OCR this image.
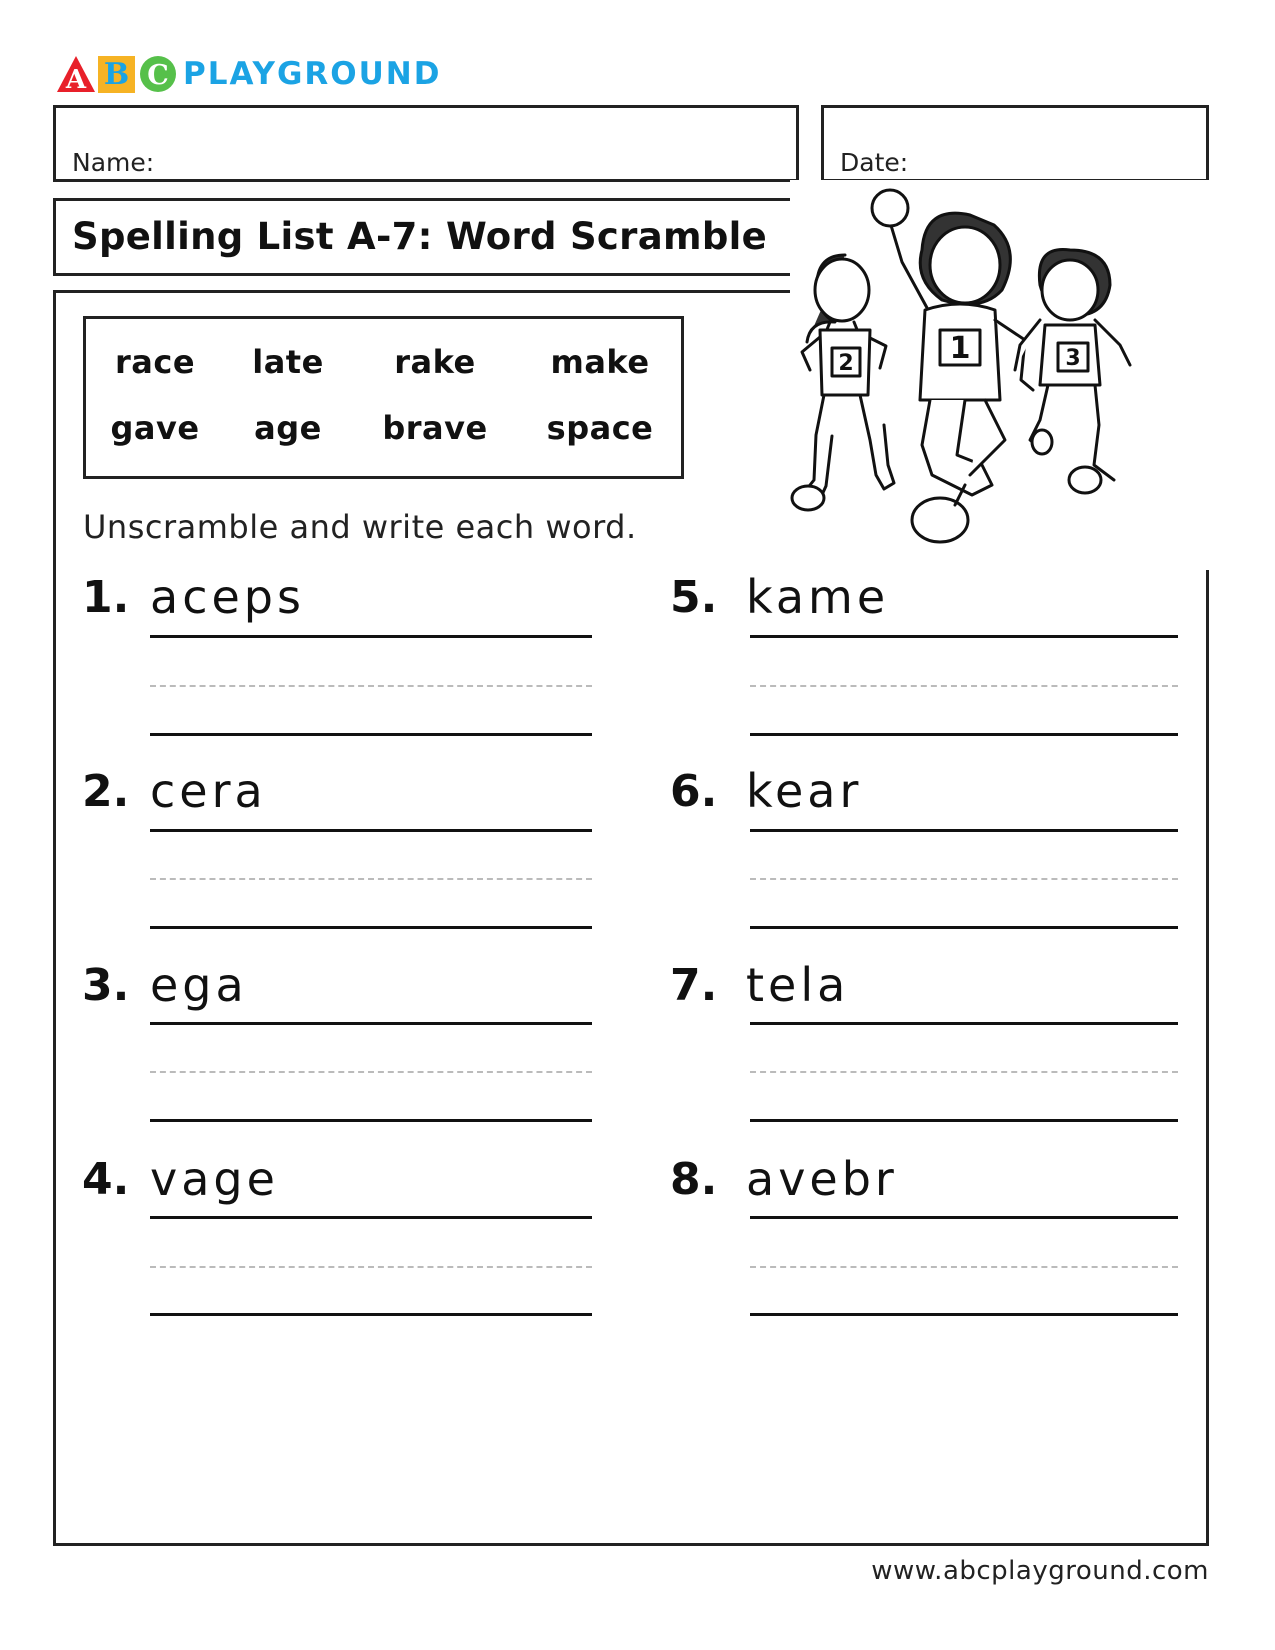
A B C PLAYGROUND
Name:	Date:
Spelling List A-7: Word Scramble
2	1	3
race	late	rake	make
gave	age	brave	space
Unscramble and write each word.
1. aceps
2. cera
3. ega
4. vage
5. kame
6. kear
7. tela
8. avebr
www.abcplayground.com
